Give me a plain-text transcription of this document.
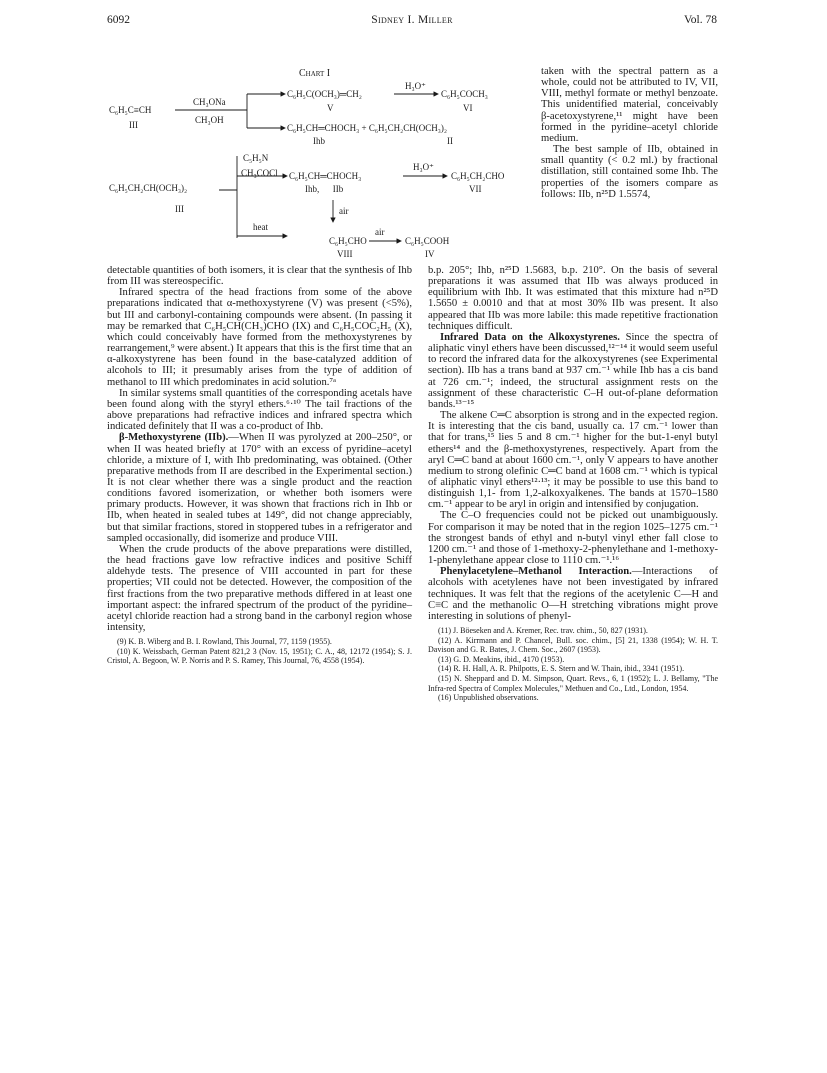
6092	Sidney I. Miller	Vol. 78
Chart I
H₃O⁺
C₆H₅C(OCH₃)═CH₂	C₆H₅COCH₃
C₆H₅C≡CH
CH₃ONa
V	VI
III	CH₃OH
C₆H₅CH═CHOCH₃ + C₆H₅CH₂CH(OCH₃)₂
Ihb	II
C₅H₅N
CH₃COCl
H₃O⁺
C₆H₅CH₂CH(OCH₃)₂
C₆H₅CH═CHOCH₃	C₆H₅CH₂CHO
Ihb,      IIb	VII
heat
III	air
air
C₆H₅CHO	C₆H₅COOH
VIII	IV

taken with the spectral pattern as a whole, could not be attributed to IV, VII, VIII, methyl formate or methyl benzoate. This unidentified material, conceivably β-acetoxystyrene,¹¹ might have been formed in the pyridine–acetyl chloride medium.

The best sample of IIb, obtained in small quantity (< 0.2 ml.) by fractional distillation, still contained some Ihb. The properties of the isomers compare as follows: IIb, n²⁵D 1.5574,

detectable quantities of both isomers, it is clear that the synthesis of Ihb from III was stereospecific.

Infrared spectra of the head fractions from some of the above preparations indicated that α-methoxystyrene (V) was present (<5%), but III and carbonyl-containing compounds were absent. (In passing it may be remarked that C₆H₅CH(CH₃)CHO (IX) and C₆H₅COC₂H₅ (X), which could conceivably have formed from the methoxystyrenes by rearrangement,⁹ were absent.) It appears that this is the first time that an α-alkoxystyrene has been found in the base-catalyzed addition of alcohols to III; it presumably arises from the type of addition of methanol to III which predominates in acid solution.⁷ᵃ

In similar systems small quantities of the corresponding acetals have been found along with the styryl ethers.⁶·¹⁰ The tail fractions of the above preparations had refractive indices and infrared spectra which indicated definitely that II was a co-product of Ihb.

β-Methoxystyrene (IIb).—When II was pyrolyzed at 200–250°, or when II was heated briefly at 170° with an excess of pyridine–acetyl chloride, a mixture of I, with Ihb predominating, was obtained. (Other preparative methods from II are described in the Experimental section.) It is not clear whether there was a single product and the reaction conditions favored isomerization, or whether both isomers were primary products. However, it was shown that fractions rich in Ihb or IIb, when heated in sealed tubes at 149°, did not change appreciably, but that similar fractions, stored in stoppered tubes in a refrigerator and sampled occasionally, did isomerize and produce VIII.

When the crude products of the above preparations were distilled, the head fractions gave low refractive indices and positive Schiff aldehyde tests. The presence of VIII accounted in part for these properties; VII could not be detected. However, the composition of the first fractions from the two preparative methods differed in at least one important aspect: the infrared spectrum of the product of the pyridine–acetyl chloride reaction had a strong band in the carbonyl region whose intensity,

(9) K. B. Wiberg and B. I. Rowland, This Journal, 77, 1159 (1955).

(10) K. Weissbach, German Patent 821,2 3 (Nov. 15, 1951); C. A., 48, 12172 (1954); S. J. Cristol, A. Begoon, W. P. Norris and P. S. Ramey, This Journal, 76, 4558 (1954).

b.p. 205°; Ihb, n²⁵D 1.5683, b.p. 210°. On the basis of several preparations it was assumed that IIb was always produced in equilibrium with Ihb. It was estimated that this mixture had n²⁵D 1.5650 ± 0.0010 and that at most 30% IIb was present. It also appeared that IIb was more labile: this made repetitive fractionation techniques difficult.

Infrared Data on the Alkoxystyrenes. Since the spectra of aliphatic vinyl ethers have been discussed,¹²⁻¹⁴ it would seem useful to record the infrared data for the alkoxystyrenes (see Experimental section). IIb has a trans band at 937 cm.⁻¹ while Ihb has a cis band at 726 cm.⁻¹; indeed, the structural assignment rests on the assignment of these characteristic C–H out-of-plane deformation bands.¹³⁻¹⁵

The alkene C═C absorption is strong and in the expected region. It is interesting that the cis band, usually ca. 17 cm.⁻¹ lower than that for trans,¹⁵ lies 5 and 8 cm.⁻¹ higher for the but-1-enyl butyl ethers¹⁴ and the β-methoxystyrenes, respectively. Apart from the aryl C═C band at about 1600 cm.⁻¹, only V appears to have another medium to strong olefinic C═C band at 1608 cm.⁻¹ which is typical of aliphatic vinyl ethers¹²·¹³; it may be possible to use this band to distinguish 1,1- from 1,2-alkoxyalkenes. The bands at 1570–1580 cm.⁻¹ appear to be aryl in origin and intensified by conjugation.

The C–O frequencies could not be picked out unambiguously. For comparison it may be noted that in the region 1025–1275 cm.⁻¹ the strongest bands of ethyl and n-butyl vinyl ether fall close to 1200 cm.⁻¹ and those of 1-methoxy-2-phenylethane and 1-methoxy-1-phenylethane appear close to 1110 cm.⁻¹.¹⁶

Phenylacetylene–Methanol Interaction.—Interactions of alcohols with acetylenes have not been investigated by infrared techniques. It was felt that the regions of the acetylenic C—H and C≡C and the methanolic O—H stretching vibrations might prove interesting in solutions of phenyl-

(11) J. Böeseken and A. Kremer, Rec. trav. chim., 50, 827 (1931).

(12) A. Kirrmann and P. Chancel, Bull. soc. chim., [5] 21, 1338 (1954); W. H. T. Davison and G. R. Bates, J. Chem. Soc., 2607 (1953).

(13) G. D. Meakins, ibid., 4170 (1953).

(14) R. H. Hall, A. R. Philpotts, E. S. Stern and W. Thain, ibid., 3341 (1951).

(15) N. Sheppard and D. M. Simpson, Quart. Revs., 6, 1 (1952); L. J. Bellamy, "The Infra-red Spectra of Complex Molecules," Methuen and Co., Ltd., London, 1954.

(16) Unpublished observations.
